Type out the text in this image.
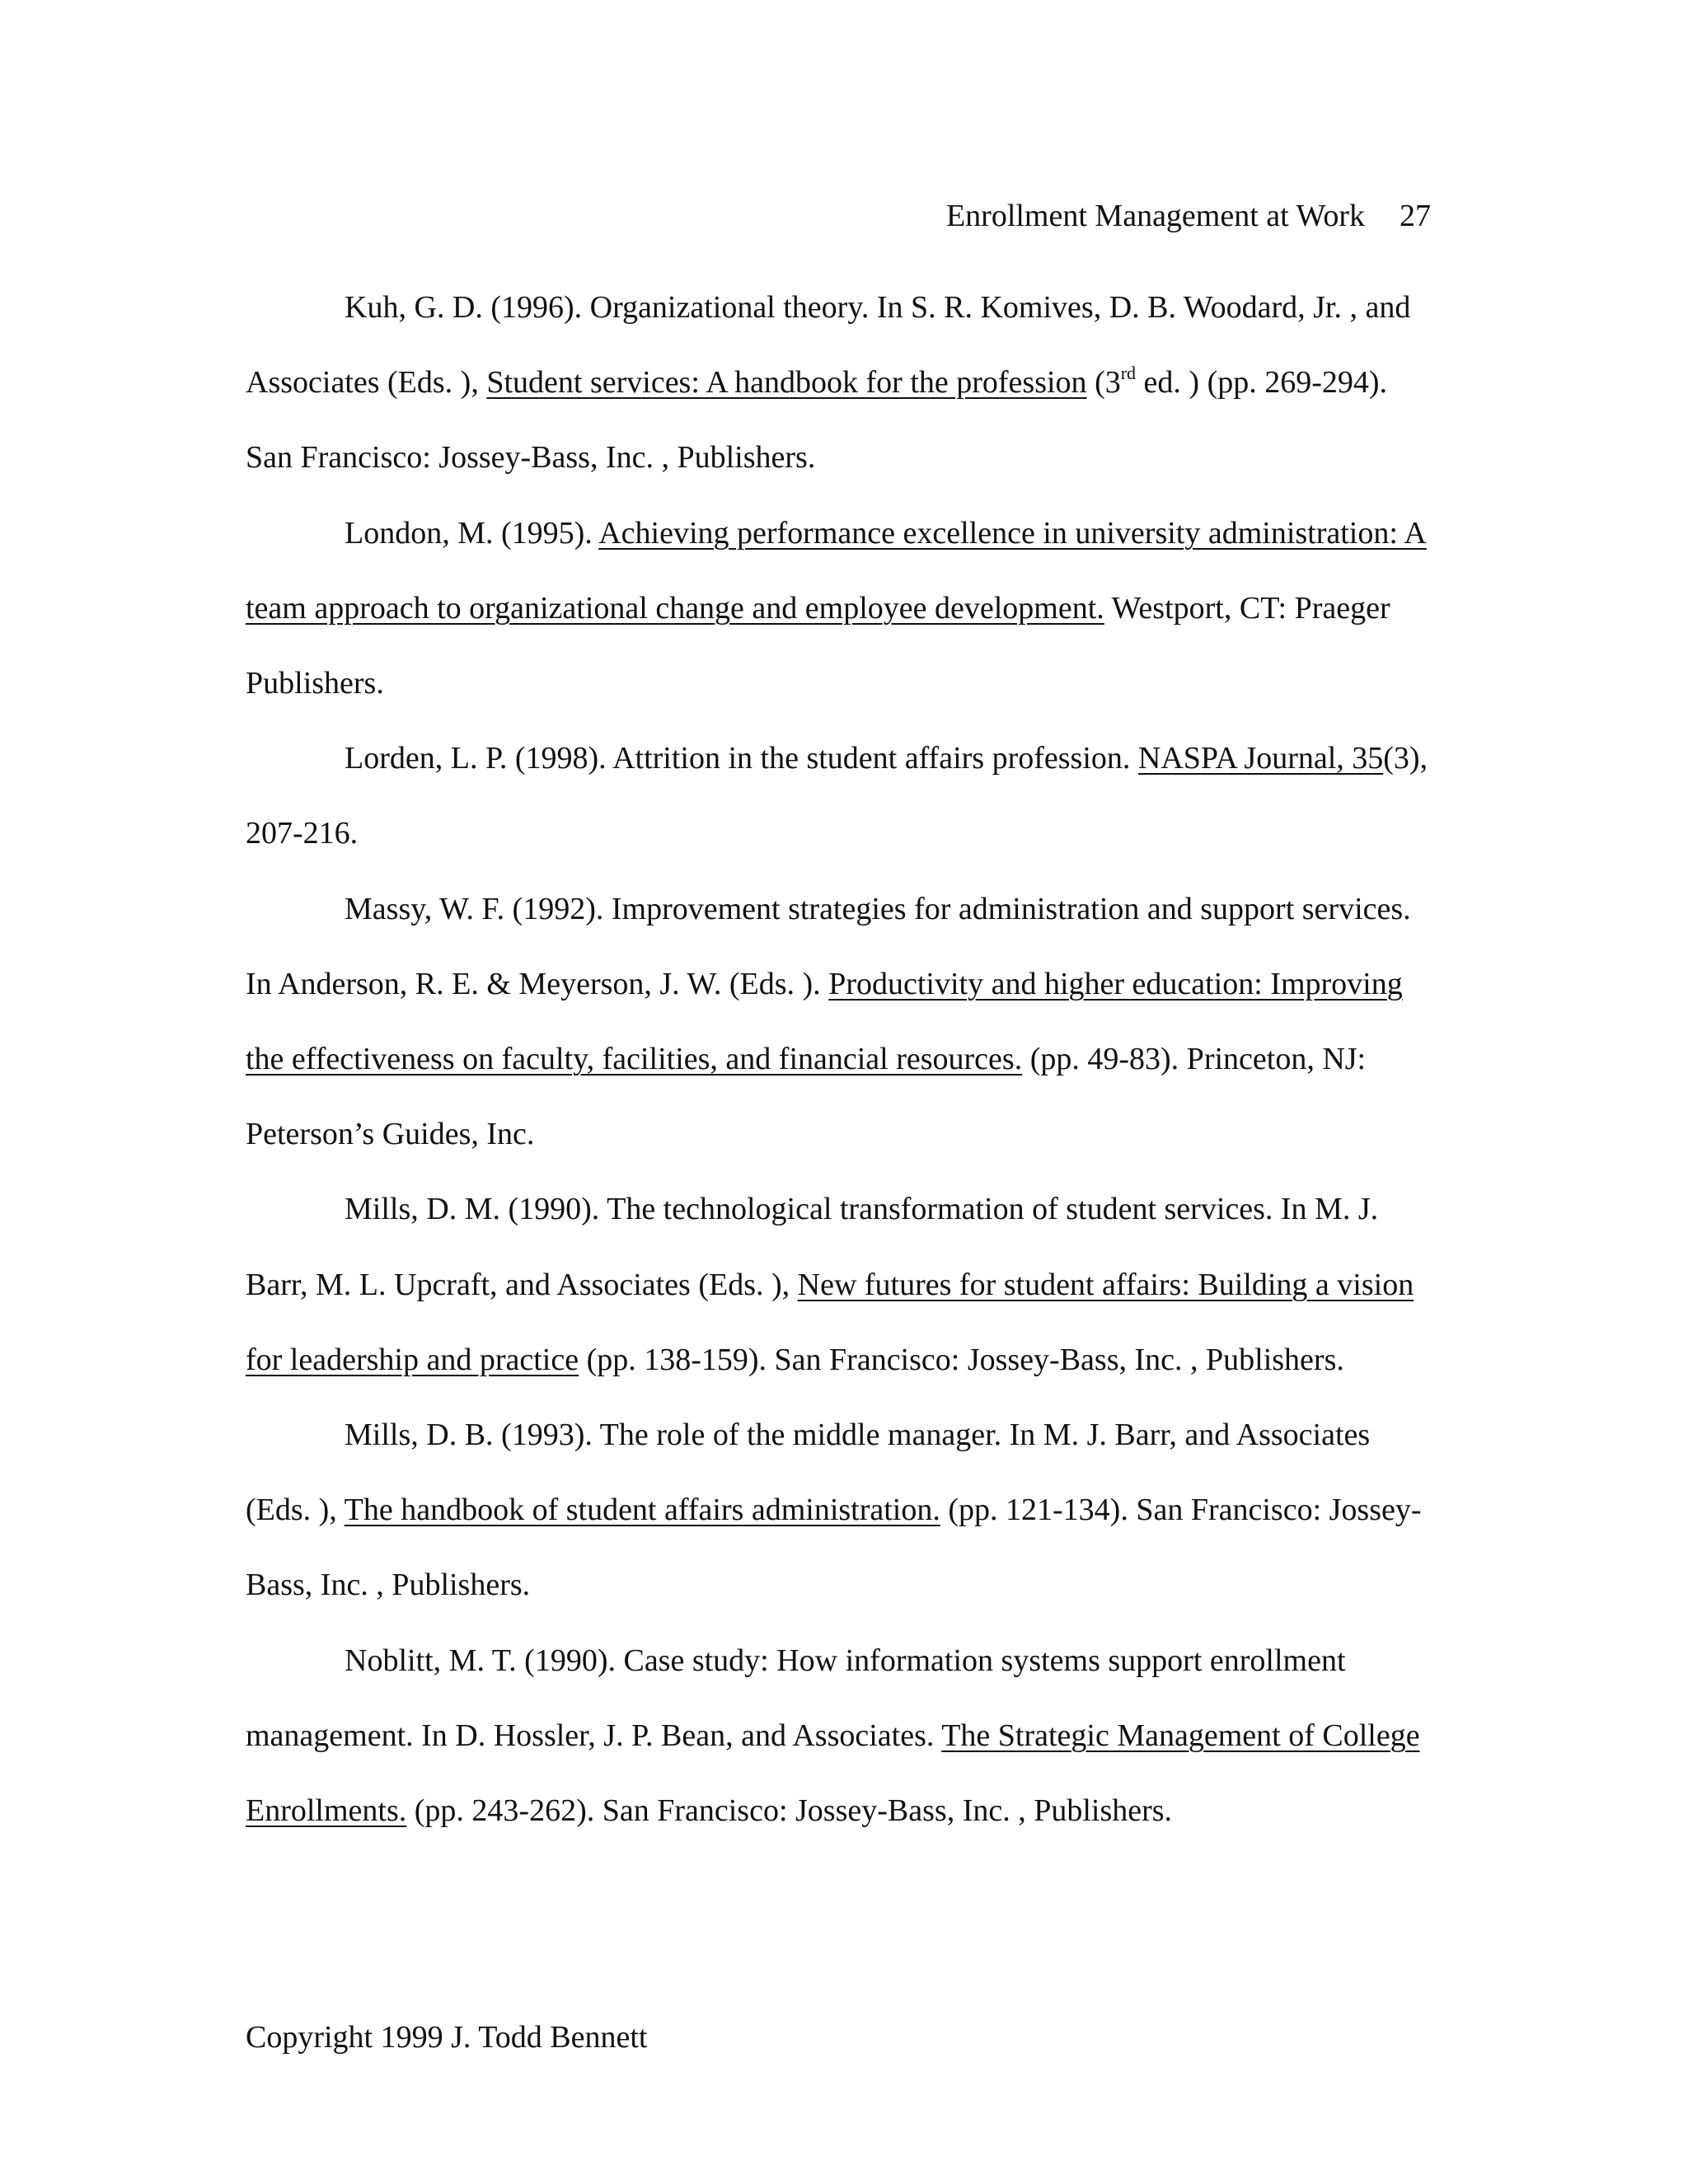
Enrollment Management at Work 27

Kuh, G. D. (1996). Organizational theory. In S. R. Komives, D. B. Woodard, Jr. , and Associates (Eds. ), Student services: A handbook for the profession (3rd ed. ) (pp. 269-294). San Francisco: Jossey-Bass, Inc. , Publishers.

London, M. (1995). Achieving performance excellence in university administration: A team approach to organizational change and employee development. Westport, CT: Praeger Publishers.

Lorden, L. P. (1998). Attrition in the student affairs profession. NASPA Journal, 35(3), 207-216.

Massy, W. F. (1992). Improvement strategies for administration and support services. In Anderson, R. E. & Meyerson, J. W. (Eds. ). Productivity and higher education: Improving the effectiveness on faculty, facilities, and financial resources. (pp. 49-83). Princeton, NJ: Peterson’s Guides, Inc.

Mills, D. M. (1990). The technological transformation of student services. In M. J. Barr, M. L. Upcraft, and Associates (Eds. ), New futures for student affairs: Building a vision for leadership and practice (pp. 138-159). San Francisco: Jossey-Bass, Inc. , Publishers.

Mills, D. B. (1993). The role of the middle manager. In M. J. Barr, and Associates (Eds. ), The handbook of student affairs administration. (pp. 121-134). San Francisco: Jossey-Bass, Inc. , Publishers.

Noblitt, M. T. (1990). Case study: How information systems support enrollment management. In D. Hossler, J. P. Bean, and Associates. The Strategic Management of College Enrollments. (pp. 243-262). San Francisco: Jossey-Bass, Inc. , Publishers.

Copyright 1999 J. Todd Bennett
